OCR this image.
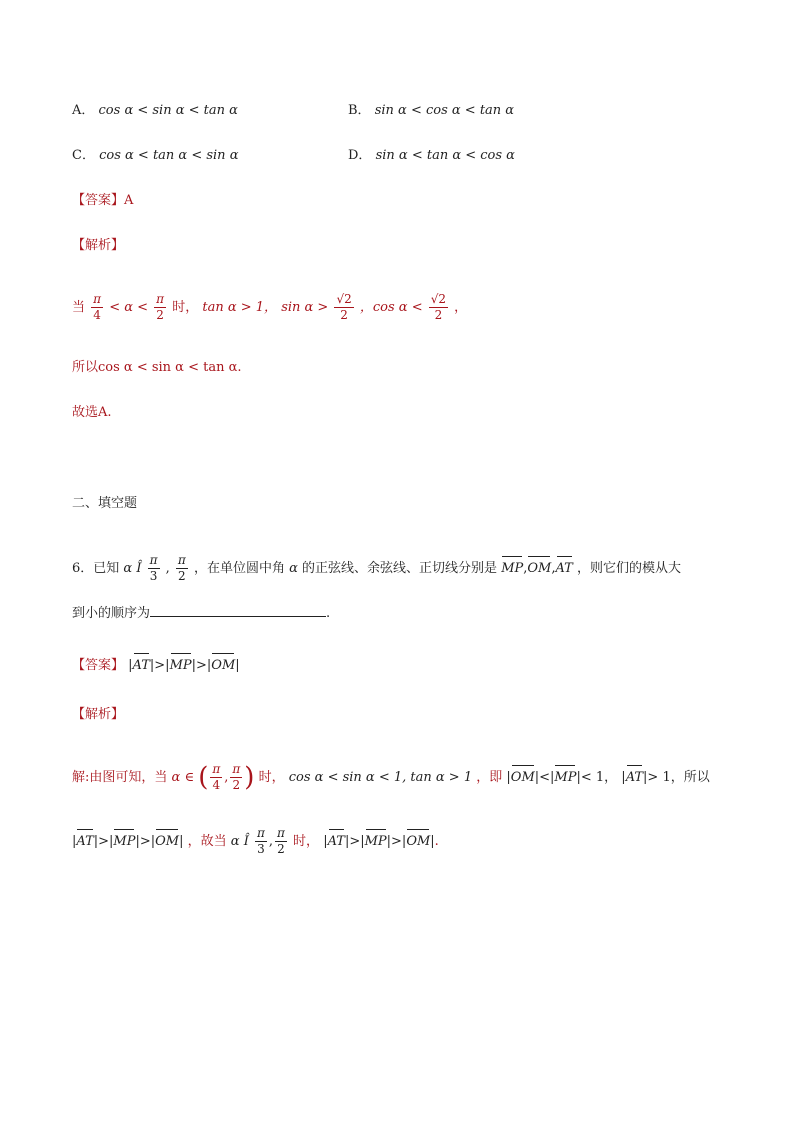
A． cos α < sin α < tan α	B． sin α < cos α < tan α
C． cos α < tan α < sin α	D． sin α < tan α < cos α
【答案】A
【解析】
当 $\frac{\pi}{4} < \alpha < \frac{\pi}{2}$ 时， tan α > 1， $\sin \alpha > \frac{√2}{2}$ ，$\cos \alpha < \frac{√2}{2}$ ，
所以cos α < sin α < tan α.
故选A.
二、填空题
6．已知 α Î $\frac{\pi}{3}$ , $\frac{\pi}{2}$ ，在单位圆中角 α 的正弦线、余弦线、正切线分别是 MP,OM,AT ，则它们的模从大
到小的顺序为	.
【答案】 |AT|>|MP|>|OM|
【解析】
解:由图可知，当 α ∈ ( $\frac{\pi}{4}$ , $\frac{\pi}{2}$ ) 时， cos α < sin α < 1, tan α > 1 ，即 |OM|<|MP|< 1， |AT|> 1，所以
|AT|>|MP|>|OM| ，故当 α Î $\frac{\pi}{3}$ , $\frac{\pi}{2}$ 时， |AT|>|MP|>|OM|.
